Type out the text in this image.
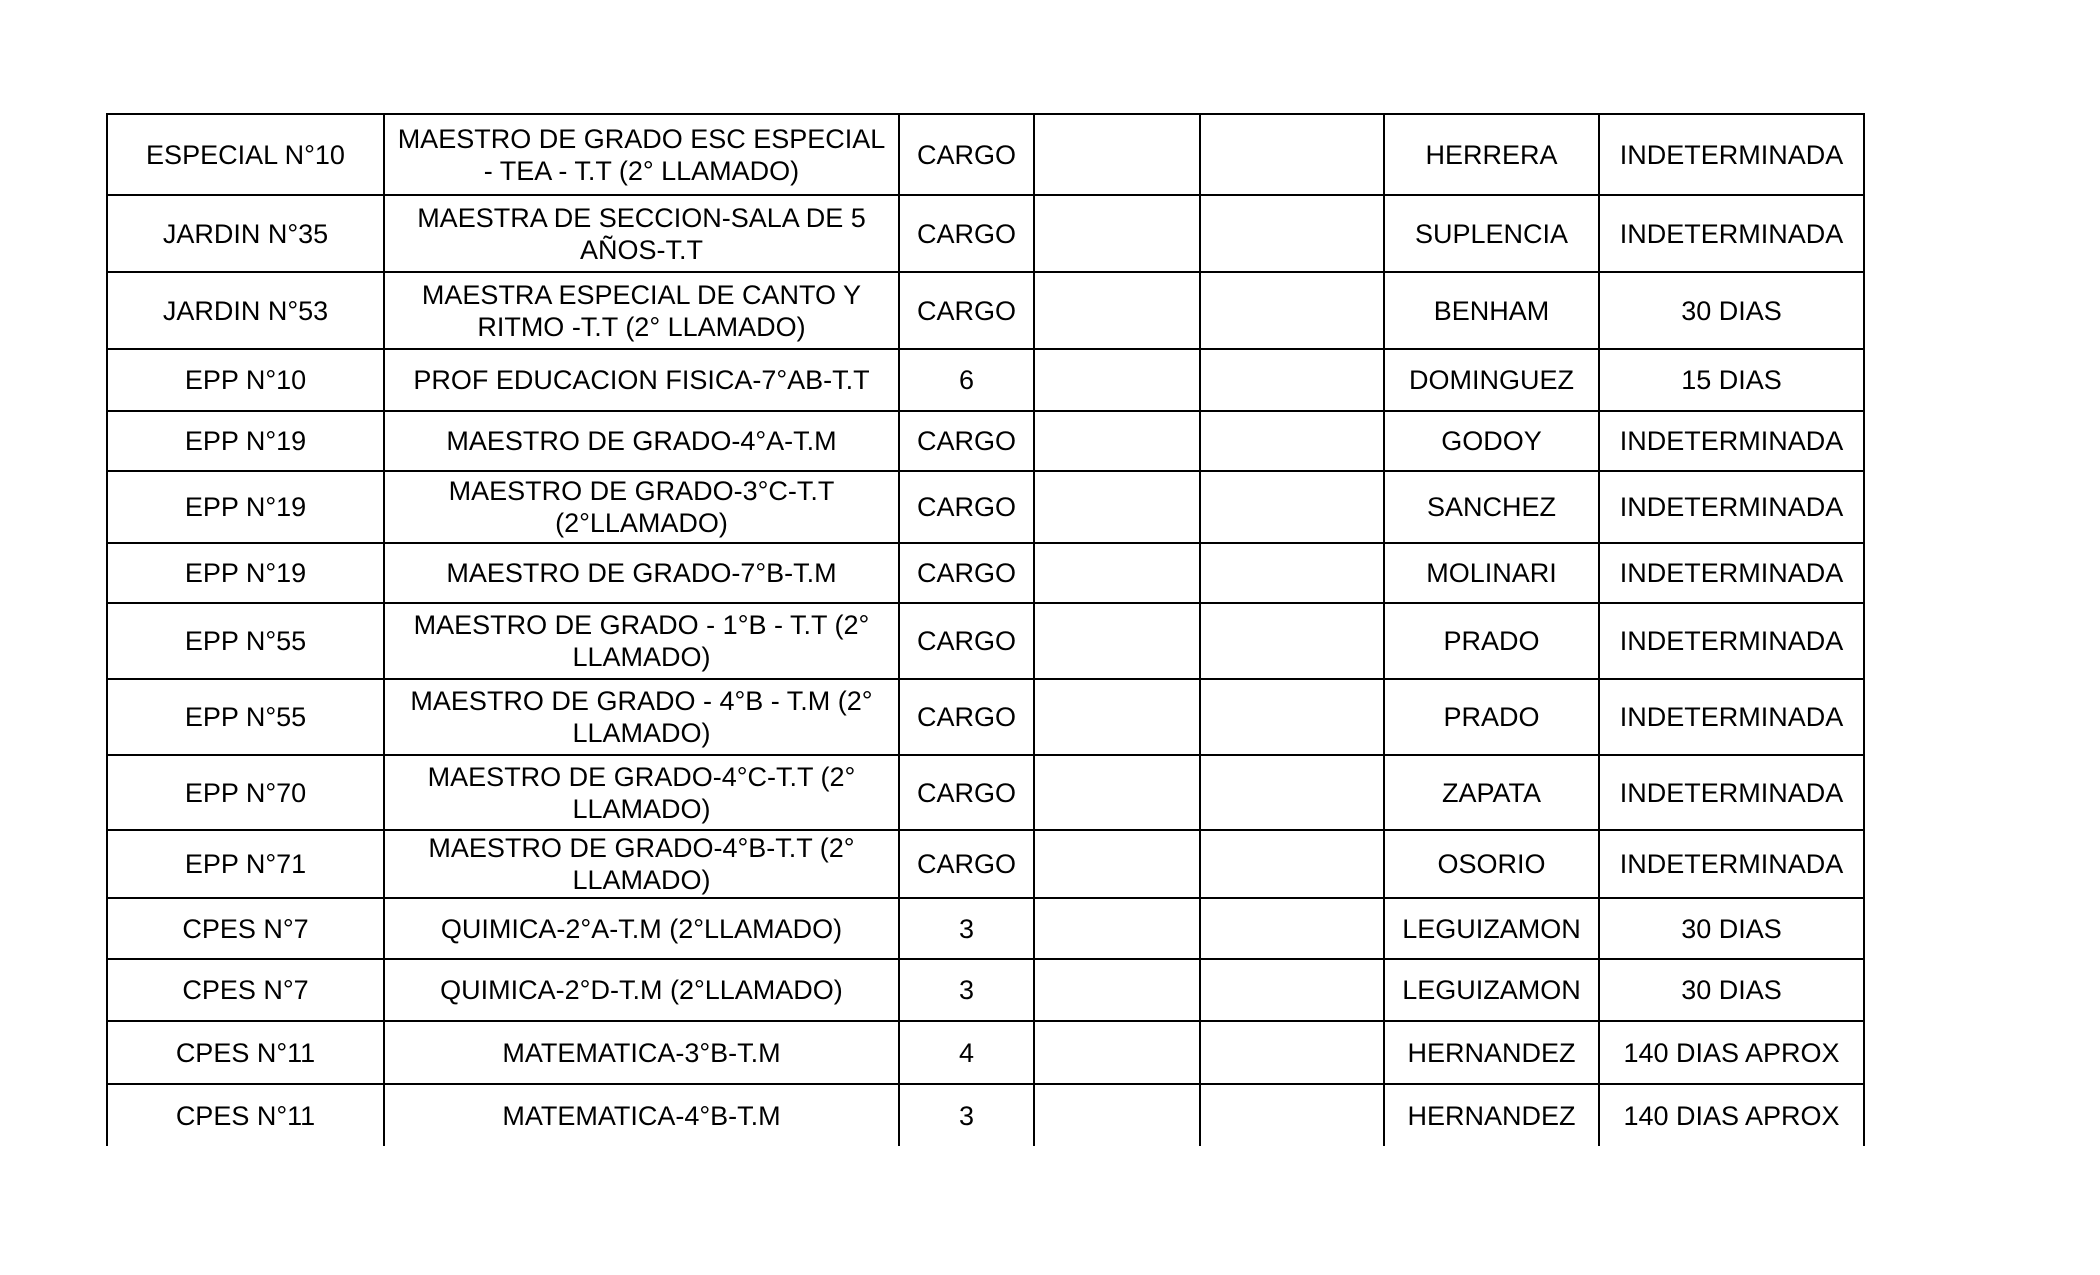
ESPECIAL N°10	MAESTRO DE GRADO ESC ESPECIAL - TEA - T.T (2° LLAMADO)	CARGO			HERRERA	INDETERMINADA
JARDIN N°35	MAESTRA DE SECCION-SALA DE 5 AÑOS-T.T	CARGO			SUPLENCIA	INDETERMINADA
JARDIN N°53	MAESTRA ESPECIAL DE CANTO Y RITMO -T.T (2° LLAMADO)	CARGO			BENHAM	30 DIAS
EPP N°10	PROF EDUCACION FISICA-7°AB-T.T	6			DOMINGUEZ	15 DIAS
EPP N°19	MAESTRO DE GRADO-4°A-T.M	CARGO			GODOY	INDETERMINADA
EPP N°19	MAESTRO DE GRADO-3°C-T.T (2°LLAMADO)	CARGO			SANCHEZ	INDETERMINADA
EPP N°19	MAESTRO DE GRADO-7°B-T.M	CARGO			MOLINARI	INDETERMINADA
EPP N°55	MAESTRO DE GRADO - 1°B - T.T (2° LLAMADO)	CARGO			PRADO	INDETERMINADA
EPP N°55	MAESTRO DE GRADO - 4°B - T.M (2° LLAMADO)	CARGO			PRADO	INDETERMINADA
EPP N°70	MAESTRO DE GRADO-4°C-T.T (2° LLAMADO)	CARGO			ZAPATA	INDETERMINADA
EPP N°71	MAESTRO DE GRADO-4°B-T.T (2° LLAMADO)	CARGO			OSORIO	INDETERMINADA
CPES N°7	QUIMICA-2°A-T.M (2°LLAMADO)	3			LEGUIZAMON	30 DIAS
CPES N°7	QUIMICA-2°D-T.M (2°LLAMADO)	3			LEGUIZAMON	30 DIAS
CPES N°11	MATEMATICA-3°B-T.M	4			HERNANDEZ	140 DIAS APROX
CPES N°11	MATEMATICA-4°B-T.M	3			HERNANDEZ	140 DIAS APROX
